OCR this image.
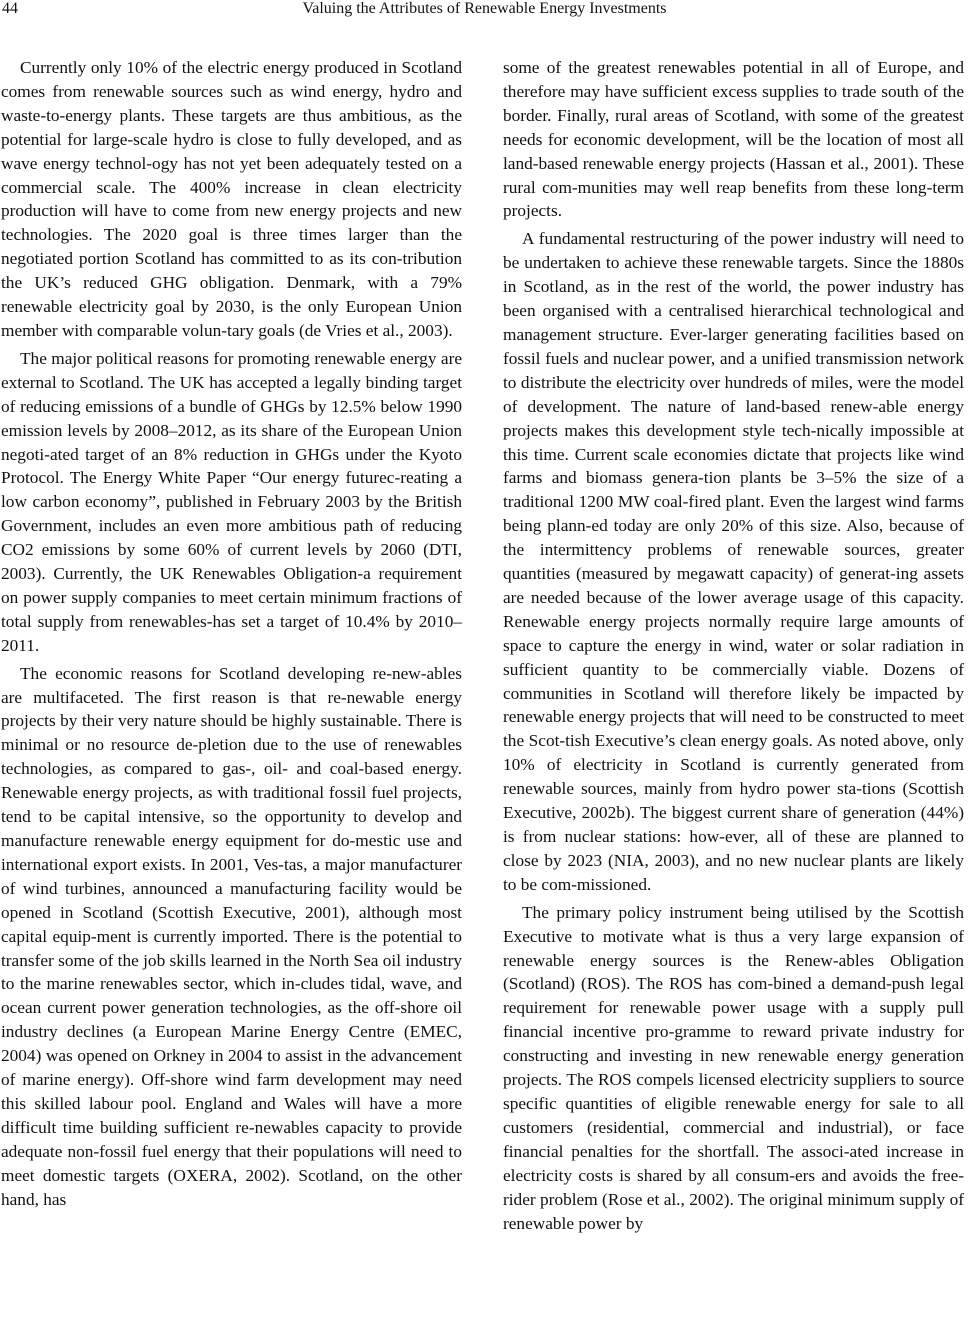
44	Valuing the Attributes of Renewable Energy Investments

Currently only 10% of the electric energy produced in Scotland comes from renewable sources such as wind energy, hydro and waste-to-energy plants. These targets are thus ambitious, as the potential for large-scale hydro is close to fully developed, and as wave energy technol-ogy has not yet been adequately tested on a commercial scale. The 400% increase in clean electricity production will have to come from new energy projects and new technologies. The 2020 goal is three times larger than the negotiated portion Scotland has committed to as its con-tribution the UK’s reduced GHG obligation. Denmark, with a 79% renewable electricity goal by 2030, is the only European Union member with comparable volun-tary goals (de Vries et al., 2003).

The major political reasons for promoting renewable energy are external to Scotland. The UK has accepted a legally binding target of reducing emissions of a bundle of GHGs by 12.5% below 1990 emission levels by 2008–2012, as its share of the European Union negoti-ated target of an 8% reduction in GHGs under the Kyoto Protocol. The Energy White Paper “Our energy futurec-reating a low carbon economy”, published in February 2003 by the British Government, includes an even more ambitious path of reducing CO2 emissions by some 60% of current levels by 2060 (DTI, 2003). Currently, the UK Renewables Obligation-a requirement on power supply companies to meet certain minimum fractions of total supply from renewables-has set a target of 10.4% by 2010–2011.

The economic reasons for Scotland developing re-new-ables are multifaceted. The first reason is that re-newable energy projects by their very nature should be highly sustainable. There is minimal or no resource de-pletion due to the use of renewables technologies, as compared to gas-, oil- and coal-based energy. Renewable energy projects, as with traditional fossil fuel projects, tend to be capital intensive, so the opportunity to develop and manufacture renewable energy equipment for do-mestic use and international export exists. In 2001, Ves-tas, a major manufacturer of wind turbines, announced a manufacturing facility would be opened in Scotland (Scottish Executive, 2001), although most capital equip-ment is currently imported. There is the potential to transfer some of the job skills learned in the North Sea oil industry to the marine renewables sector, which in-cludes tidal, wave, and ocean current power generation technologies, as the off-shore oil industry declines (a European Marine Energy Centre (EMEC, 2004) was opened on Orkney in 2004 to assist in the advancement of marine energy). Off-shore wind farm development may need this skilled labour pool. England and Wales will have a more difficult time building sufficient re-newables capacity to provide adequate non-fossil fuel energy that their populations will need to meet domestic targets (OXERA, 2002). Scotland, on the other hand, has

some of the greatest renewables potential in all of Europe, and therefore may have sufficient excess supplies to trade south of the border. Finally, rural areas of Scotland, with some of the greatest needs for economic development, will be the location of most all land-based renewable energy projects (Hassan et al., 2001). These rural com-munities may well reap benefits from these long-term projects.

A fundamental restructuring of the power industry will need to be undertaken to achieve these renewable targets. Since the 1880s in Scotland, as in the rest of the world, the power industry has been organised with a centralised hierarchical technological and management structure. Ever-larger generating facilities based on fossil fuels and nuclear power, and a unified transmission network to distribute the electricity over hundreds of miles, were the model of development. The nature of land-based renew-able energy projects makes this development style tech-nically impossible at this time. Current scale economies dictate that projects like wind farms and biomass genera-tion plants be 3–5% the size of a traditional 1200 MW coal-fired plant. Even the largest wind farms being plann-ed today are only 20% of this size. Also, because of the intermittency problems of renewable sources, greater quantities (measured by megawatt capacity) of generat-ing assets are needed because of the lower average usage of this capacity. Renewable energy projects normally require large amounts of space to capture the energy in wind, water or solar radiation in sufficient quantity to be commercially viable. Dozens of communities in Scotland will therefore likely be impacted by renewable energy projects that will need to be constructed to meet the Scot-tish Executive’s clean energy goals. As noted above, only 10% of electricity in Scotland is currently generated from renewable sources, mainly from hydro power sta-tions (Scottish Executive, 2002b). The biggest current share of generation (44%) is from nuclear stations: how-ever, all of these are planned to close by 2023 (NIA, 2003), and no new nuclear plants are likely to be com-missioned.

The primary policy instrument being utilised by the Scottish Executive to motivate what is thus a very large expansion of renewable energy sources is the Renew-ables Obligation (Scotland) (ROS). The ROS has com-bined a demand-push legal requirement for renewable power usage with a supply pull financial incentive pro-gramme to reward private industry for constructing and investing in new renewable energy generation projects. The ROS compels licensed electricity suppliers to source specific quantities of eligible renewable energy for sale to all customers (residential, commercial and industrial), or face financial penalties for the shortfall. The associ-ated increase in electricity costs is shared by all consum-ers and avoids the free-rider problem (Rose et al., 2002). The original minimum supply of renewable power by
